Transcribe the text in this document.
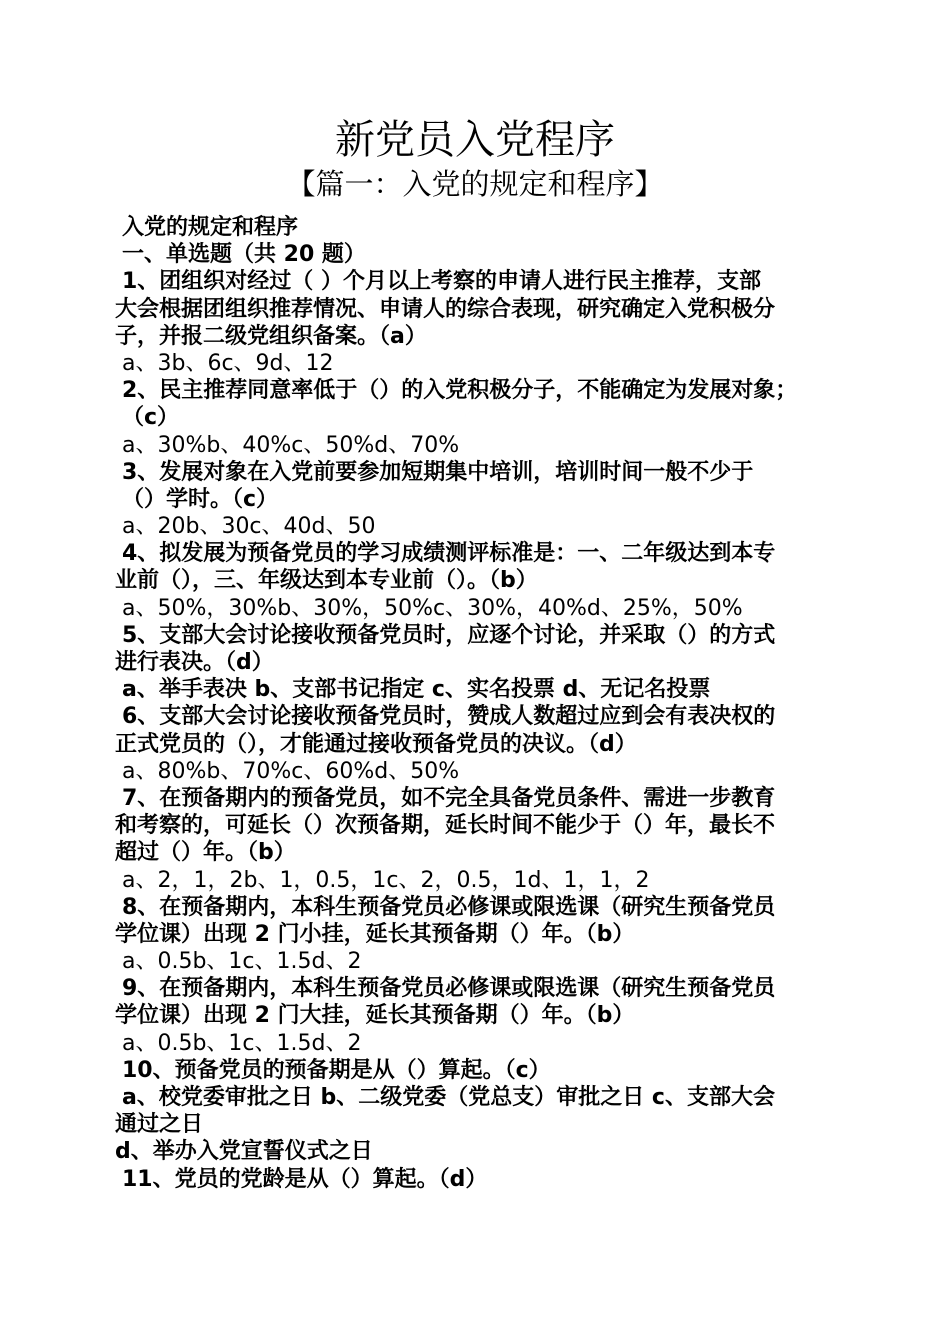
新党员入党程序
【篇一：入党的规定和程序】
入党的规定和程序
一、单选题（共 20 题）
1、团组织对经过（ ）个月以上考察的申请人进行民主推荐，支部
大会根据团组织推荐情况、申请人的综合表现，研究确定入党积极分
子，并报二级党组织备案。（a）
a、3b、6c、9d、12
2、民主推荐同意率低于（）的入党积极分子，不能确定为发展对象；
（c）
a、30%b、40%c、50%d、70%
3、发展对象在入党前要参加短期集中培训，培训时间一般不少于
（）学时。（c）
a、20b、30c、40d、50
4、拟发展为预备党员的学习成绩测评标准是：一、二年级达到本专
业前（），三、年级达到本专业前（）。（b）
a、50%，30%b、30%，50%c、30%，40%d、25%，50%
5、支部大会讨论接收预备党员时，应逐个讨论，并采取（）的方式
进行表决。（d）
a、举手表决 b、支部书记指定 c、实名投票 d、无记名投票
6、支部大会讨论接收预备党员时，赞成人数超过应到会有表决权的
正式党员的（），才能通过接收预备党员的决议。（d）
a、80%b、70%c、60%d、50%
7、在预备期内的预备党员，如不完全具备党员条件、需进一步教育
和考察的，可延长（）次预备期，延长时间不能少于（）年，最长不
超过（）年。（b）
a、2，1，2b、1，0.5，1c、2，0.5，1d、1，1，2
8、在预备期内，本科生预备党员必修课或限选课（研究生预备党员
学位课）出现 2 门小挂，延长其预备期（）年。（b）
a、0.5b、1c、1.5d、2
9、在预备期内，本科生预备党员必修课或限选课（研究生预备党员
学位课）出现 2 门大挂，延长其预备期（）年。（b）
a、0.5b、1c、1.5d、2
10、预备党员的预备期是从（）算起。（c）
a、校党委审批之日 b、二级党委（党总支）审批之日 c、支部大会
通过之日
d、举办入党宣誓仪式之日
11、党员的党龄是从（）算起。（d）
